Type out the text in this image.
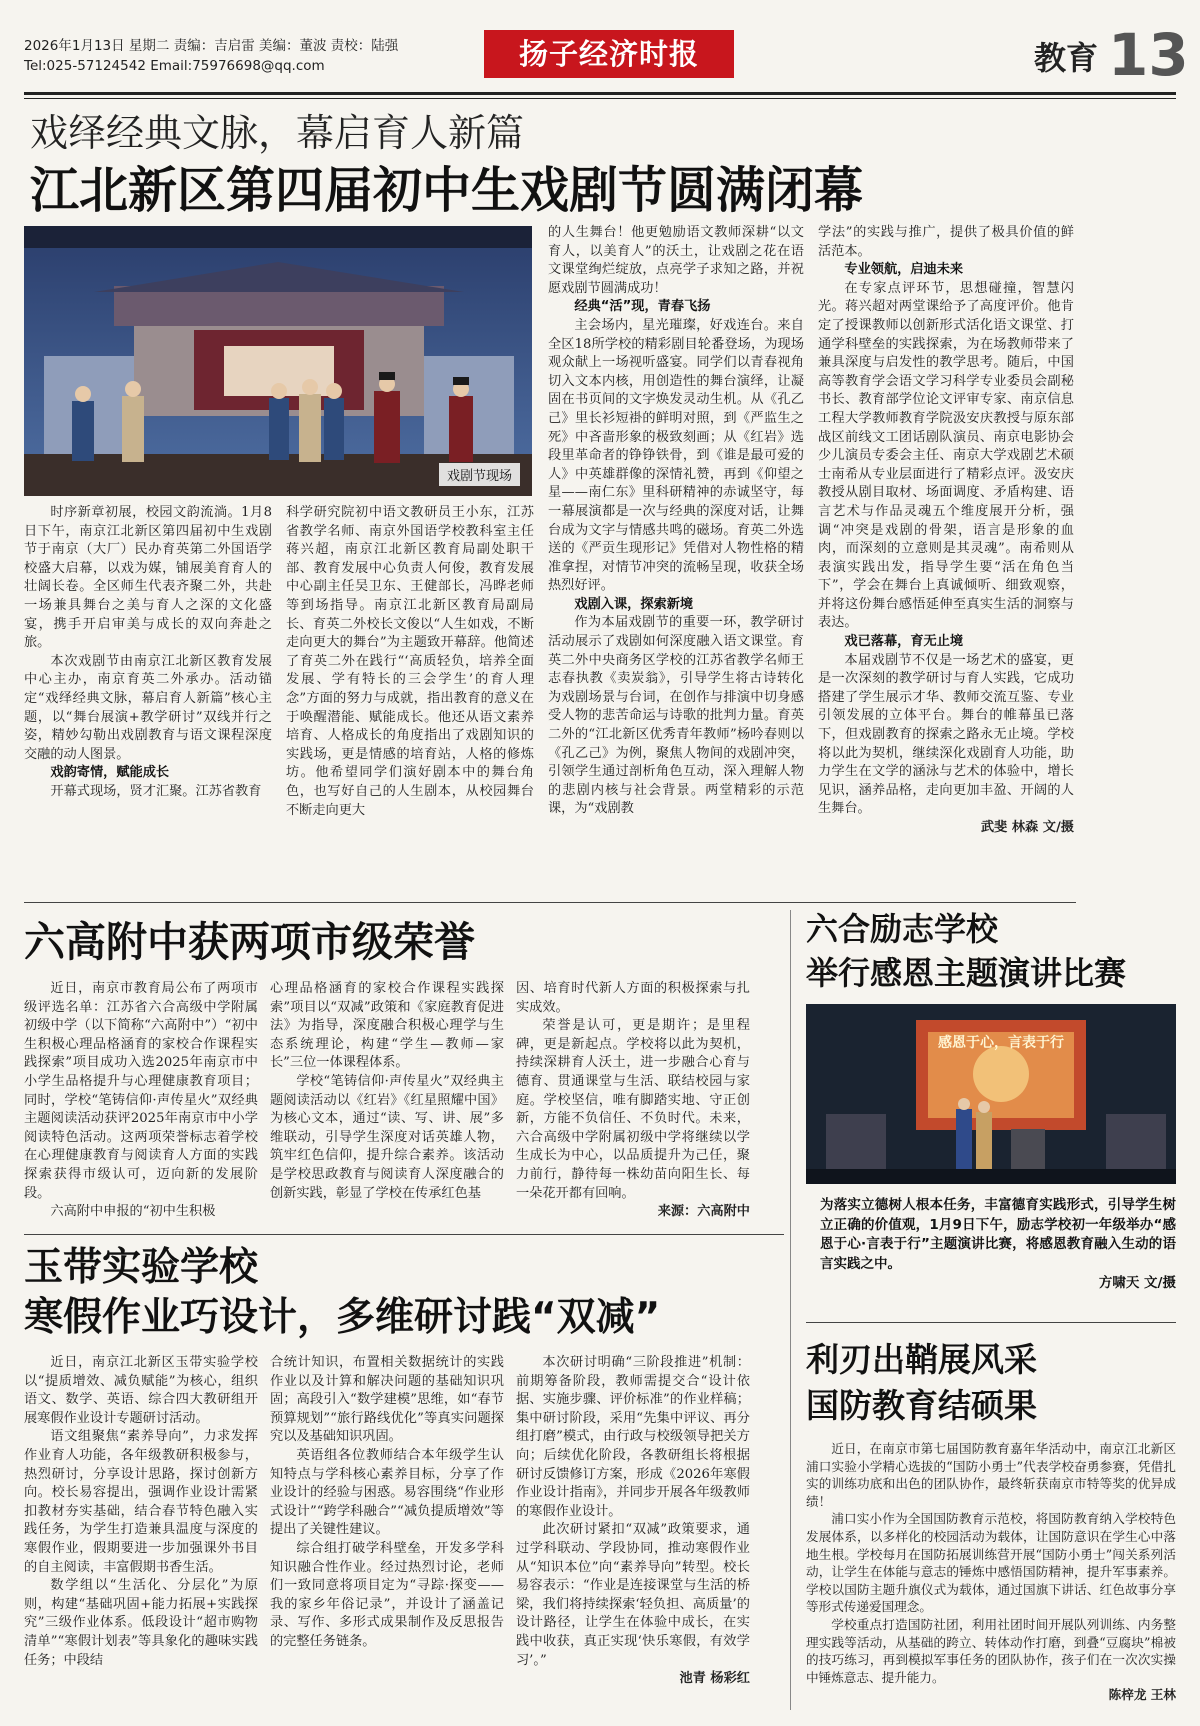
2026年1月13日 星期二 责编：吉启雷 美编：董波 责校：陆强
Tel:025-57124542 Email:75976698@qq.com	扬子经济时报	教育 13
戏绎经典文脉，幕启育人新篇
江北新区第四届初中生戏剧节圆满闭幕
戏剧节现场

时序新章初展，校园文韵流淌。1月8日下午，南京江北新区第四届初中生戏剧节于南京（大厂）民办育英第二外国语学校盛大启幕，以戏为媒，铺展美育育人的壮阔长卷。全区师生代表齐聚二外，共赴一场兼具舞台之美与育人之深的文化盛宴，携手开启审美与成长的双向奔赴之旅。

本次戏剧节由南京江北新区教育发展中心主办，南京育英二外承办。活动锚定“戏绎经典文脉，幕启育人新篇”核心主题，以“舞台展演+教学研讨”双线并行之姿，精妙勾勒出戏剧教育与语文课程深度交融的动人图景。

戏韵寄情，赋能成长

开幕式现场，贤才汇聚。江苏省教育

科学研究院初中语文教研员王小东，江苏省教学名师、南京外国语学校教科室主任蒋兴超，南京江北新区教育局副处职干部、教育发展中心负责人何俊，教育发展中心副主任吴卫东、王健部长，冯晔老师等到场指导。南京江北新区教育局副局长、育英二外校长文俊以“人生如戏，不断走向更大的舞台”为主题致开幕辞。他简述了育英二外在践行“‘高质轻负，培养全面发展、学有特长的三会学生’的育人理念”方面的努力与成就，指出教育的意义在于唤醒潜能、赋能成长。他还从语文素养培育、人格成长的角度指出了戏剧知识的实践场，更是情感的培育站，人格的修炼坊。他希望同学们演好剧本中的舞台角色，也写好自己的人生剧本，从校园舞台不断走向更大

的人生舞台！他更勉励语文教师深耕“以文育人，以美育人”的沃土，让戏剧之花在语文课堂绚烂绽放，点亮学子求知之路，并祝愿戏剧节圆满成功！

经典“活”现，青春飞扬

主会场内，星光璀璨，好戏连台。来自全区18所学校的精彩剧目轮番登场，为现场观众献上一场视听盛宴。同学们以青春视角切入文本内核，用创造性的舞台演绎，让凝固在书页间的文字焕发灵动生机。从《孔乙己》里长衫短褂的鲜明对照，到《严监生之死》中吝啬形象的极致刻画；从《红岩》选段里革命者的铮铮铁骨，到《谁是最可爱的人》中英雄群像的深情礼赞，再到《仰望之星——南仁东》里科研精神的赤诚坚守，每一幕展演都是一次与经典的深度对话，让舞台成为文字与情感共鸣的磁场。育英二外选送的《严贡生现形记》凭借对人物性格的精准拿捏，对情节冲突的流畅呈现，收获全场热烈好评。

戏剧入课，探索新境

作为本届戏剧节的重要一环，教学研讨活动展示了戏剧如何深度融入语文课堂。育英二外中央商务区学校的江苏省教学名师王志春执教《卖炭翁》，引导学生将古诗转化为戏剧场景与台词，在创作与排演中切身感受人物的悲苦命运与诗歌的批判力量。育英二外的“江北新区优秀青年教师”杨吟春则以《孔乙己》为例，聚焦人物间的戏剧冲突，引领学生通过剖析角色互动，深入理解人物的悲剧内核与社会背景。两堂精彩的示范课，为“戏剧教

学法”的实践与推广，提供了极具价值的鲜活范本。

专业领航，启迪未来

在专家点评环节，思想碰撞，智慧闪光。蒋兴超对两堂课给予了高度评价。他肯定了授课教师以创新形式活化语文课堂、打通学科壁垒的实践探索，为在场教师带来了兼具深度与启发性的教学思考。随后，中国高等教育学会语文学习科学专业委员会副秘书长、教育部学位论文评审专家、南京信息工程大学教师教育学院汲安庆教授与原东部战区前线文工团话剧队演员、南京电影协会少儿演员专委会主任、南京大学戏剧艺术硕士南希从专业层面进行了精彩点评。汲安庆教授从剧目取材、场面调度、矛盾构建、语言艺术与作品灵魂五个维度展开分析，强调“冲突是戏剧的骨架，语言是形象的血肉，而深刻的立意则是其灵魂”。南希则从表演实践出发，指导学生要“活在角色当下”，学会在舞台上真诚倾听、细致观察，并将这份舞台感悟延伸至真实生活的洞察与表达。

戏已落幕，育无止境

本届戏剧节不仅是一场艺术的盛宴，更是一次深刻的教学研讨与育人实践，它成功搭建了学生展示才华、教师交流互鉴、专业引领发展的立体平台。舞台的帷幕虽已落下，但戏剧教育的探索之路永无止境。学校将以此为契机，继续深化戏剧育人功能，助力学生在文学的涵泳与艺术的体验中，增长见识，涵养品格，走向更加丰盈、开阔的人生舞台。

武斐 林森 文/摄
六高附中获两项市级荣誉

近日，南京市教育局公布了两项市级评选名单：江苏省六合高级中学附属初级中学（以下简称“六高附中”）“初中生积极心理品格涵育的家校合作课程实践探索”项目成功入选2025年南京市中小学生品格提升与心理健康教育项目；同时，学校“笔铸信仰·声传星火”双经典主题阅读活动获评2025年南京市中小学阅读特色活动。这两项荣誉标志着学校在心理健康教育与阅读育人方面的实践探索获得市级认可，迈向新的发展阶段。

六高附中申报的“初中生积极

心理品格涵育的家校合作课程实践探索”项目以“双减”政策和《家庭教育促进法》为指导，深度融合积极心理学与生态系统理论，构建“学生—教师—家长”三位一体课程体系。

学校“笔铸信仰·声传星火”双经典主题阅读活动以《红岩》《红星照耀中国》为核心文本，通过“读、写、讲、展”多维联动，引导学生深度对话英雄人物，筑牢红色信仰，提升综合素养。该活动是学校思政教育与阅读育人深度融合的创新实践，彰显了学校在传承红色基

因、培育时代新人方面的积极探索与扎实成效。

荣誉是认可，更是期许；是里程碑，更是新起点。学校将以此为契机，持续深耕育人沃土，进一步融合心育与德育、贯通课堂与生活、联结校园与家庭。学校坚信，唯有脚踏实地、守正创新，方能不负信任、不负时代。未来，六合高级中学附属初级中学将继续以学生成长为中心，以品质提升为己任，聚力前行，静待每一株幼苗向阳生长、每一朵花开都有回响。

来源：六高附中
六合励志学校
举行感恩主题演讲比赛
感恩于心，言表于行
为落实立德树人根本任务，丰富德育实践形式，引导学生树立正确的价值观，1月9日下午，励志学校初一年级举办“感恩于心·言表于行”主题演讲比赛，将感恩教育融入生动的语言实践之中。
方啸天 文/摄
玉带实验学校
寒假作业巧设计，多维研讨践“双减”

近日，南京江北新区玉带实验学校以“提质增效、减负赋能”为核心，组织语文、数学、英语、综合四大教研组开展寒假作业设计专题研讨活动。

语文组聚焦“素养导向”，力求发挥作业育人功能，各年级教研积极参与，热烈研讨，分享设计思路，探讨创新方向。校长易容提出，强调作业设计需紧扣教材夯实基础，结合春节特色融入实践任务，为学生打造兼具温度与深度的寒假作业，假期要进一步加强课外书目的自主阅读，丰富假期书香生活。

数学组以“生活化、分层化”为原则，构建“基础巩固+能力拓展+实践探究”三级作业体系。低段设计“超市购物清单”“寒假计划表”等具象化的趣味实践任务；中段结

合统计知识，布置相关数据统计的实践作业以及计算和解决问题的基础知识巩固；高段引入“数学建模”思维，如“春节预算规划”“旅行路线优化”等真实问题探究以及基础知识巩固。

英语组各位教师结合本年级学生认知特点与学科核心素养目标，分享了作业设计的经验与困惑。易容围绕“作业形式设计”“跨学科融合”“减负提质增效”等提出了关键性建议。

综合组打破学科壁垒，开发多学科知识融合性作业。经过热烈讨论，老师们一致同意将项目定为“寻踪·探变——我的家乡年俗记录”，并设计了涵盖记录、写作、多形式成果制作及反思报告的完整任务链条。

本次研讨明确“三阶段推进”机制：前期筹备阶段，教师需提交合“设计依据、实施步骤、评价标准”的作业样稿；集中研讨阶段，采用“先集中评议、再分组打磨”模式，由行政与校级领导把关方向；后续优化阶段，各教研组长将根据研讨反馈修订方案，形成《2026年寒假作业设计指南》，并同步开展各年级教师的寒假作业设计。

此次研讨紧扣“双减”政策要求，通过学科联动、学段协同，推动寒假作业从“知识本位”向“素养导向”转型。校长易容表示：“作业是连接课堂与生活的桥梁，我们将持续探索‘轻负担、高质量’的设计路径，让学生在体验中成长，在实践中收获，真正实现‘快乐寒假，有效学习’。”

池青 杨彩红
利刃出鞘展风采
国防教育结硕果

近日，在南京市第七届国防教育嘉年华活动中，南京江北新区浦口实验小学精心选拔的“国防小勇士”代表学校奋勇参赛，凭借扎实的训练功底和出色的团队协作，最终斩获南京市特等奖的优异成绩！

浦口实小作为全国国防教育示范校，将国防教育纳入学校特色发展体系，以多样化的校园活动为载体，让国防意识在学生心中落地生根。学校每月在国防拓展训练营开展“国防小勇士”闯关系列活动，让学生在体能与意志的锤炼中感悟国防精神，提升军事素养。学校以国防主题升旗仪式为载体，通过国旗下讲话、红色故事分享等形式传递爱国理念。

学校重点打造国防社团，利用社团时间开展队列训练、内务整理实践等活动，从基础的跨立、转体动作打磨，到叠“豆腐块”棉被的技巧练习，再到模拟军事任务的团队协作，孩子们在一次次实操中锤炼意志、提升能力。

陈梓龙 王林
